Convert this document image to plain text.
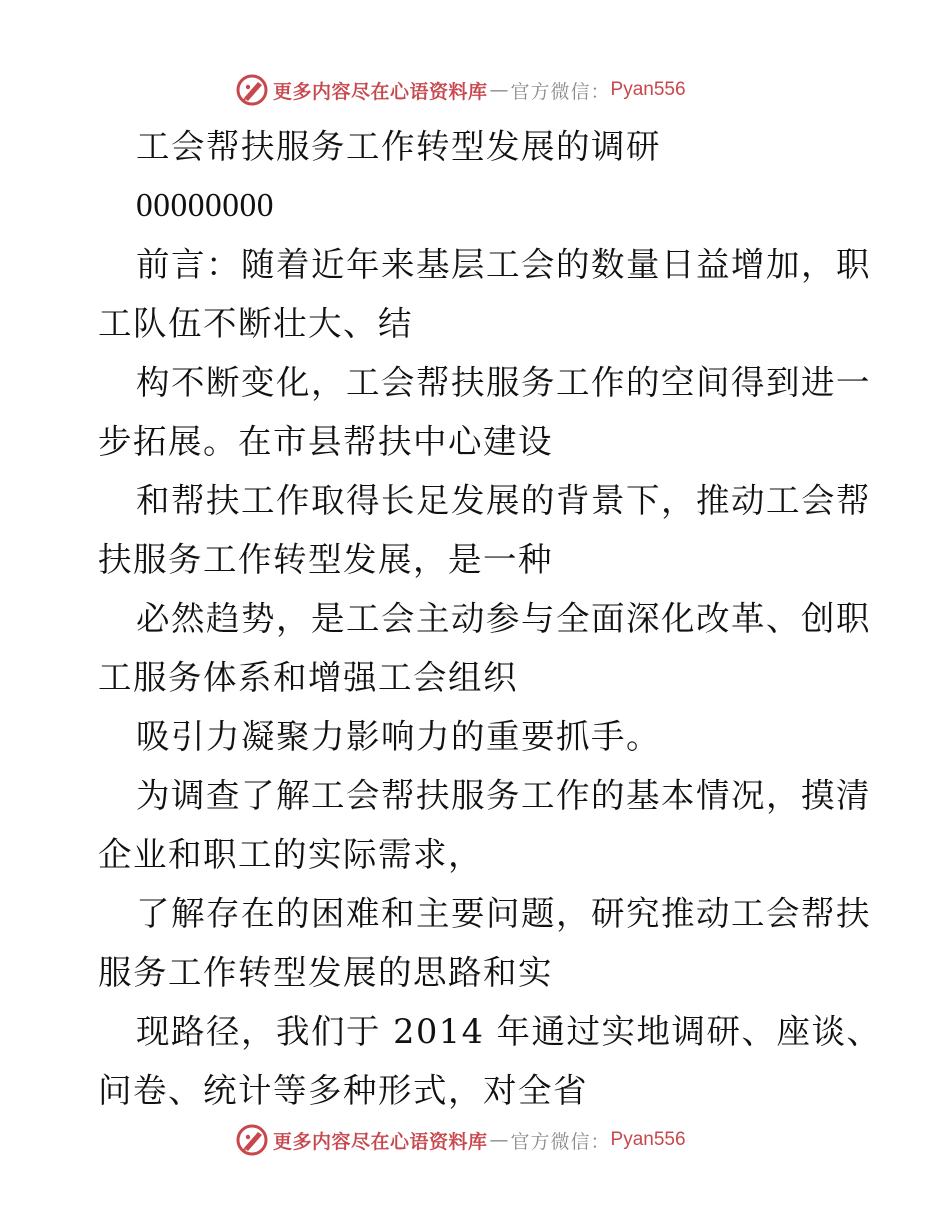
更多内容尽在心语资料库 — 官方微信： Pyan556
工会帮扶服务工作转型发展的调研
00000000
前言：随着近年来基层工会的数量日益增加，职
工队伍不断壮大、结
构不断变化，工会帮扶服务工作的空间得到进一
步拓展。在市县帮扶中心建设
和帮扶工作取得长足发展的背景下，推动工会帮
扶服务工作转型发展，是一种
必然趋势，是工会主动参与全面深化改革、创职
工服务体系和增强工会组织
吸引力凝聚力影响力的重要抓手。
为调查了解工会帮扶服务工作的基本情况，摸清
企业和职工的实际需求，
了解存在的困难和主要问题，研究推动工会帮扶
服务工作转型发展的思路和实
现路径，我们于 2014 年通过实地调研、座谈、
问卷、统计等多种形式，对全省
更多内容尽在心语资料库 — 官方微信： Pyan556
